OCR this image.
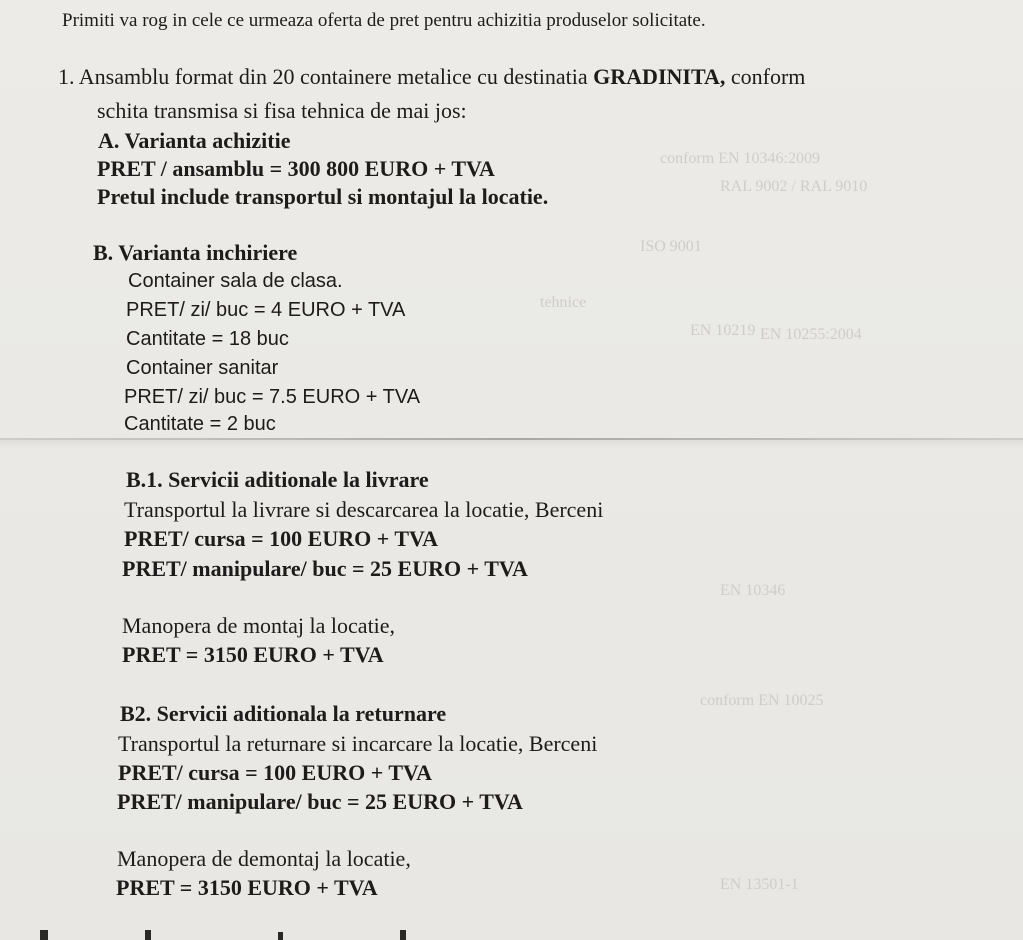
conform EN 10346:2009
RAL 9002 / RAL 9010
ISO 9001
tehnice
EN 10219 EN 10255:2004
EN 10346
conform EN 10025
EN 13501-1
Primiti va rog in cele ce urmeaza oferta de pret pentru achizitia produselor solicitate.
1. Ansamblu format din 20 containere metalice cu destinatia GRADINITA, conform
schita transmisa si fisa tehnica de mai jos:
A. Varianta achizitie
PRET / ansamblu = 300 800 EURO + TVA
Pretul include transportul si montajul la locatie.
B. Varianta inchiriere
Container sala de clasa.
PRET/ zi/ buc = 4 EURO + TVA
Cantitate = 18 buc
Container sanitar
PRET/ zi/ buc = 7.5 EURO + TVA
Cantitate = 2 buc
B.1. Servicii aditionale la livrare
Transportul la livrare si descarcarea la locatie, Berceni
PRET/ cursa = 100 EURO + TVA
PRET/ manipulare/ buc = 25 EURO + TVA
Manopera de montaj la locatie,
PRET = 3150 EURO + TVA
B2. Servicii aditionala la returnare
Transportul la returnare si incarcare la locatie, Berceni
PRET/ cursa = 100 EURO + TVA
PRET/ manipulare/ buc = 25 EURO + TVA
Manopera de demontaj la locatie,
PRET = 3150 EURO + TVA
